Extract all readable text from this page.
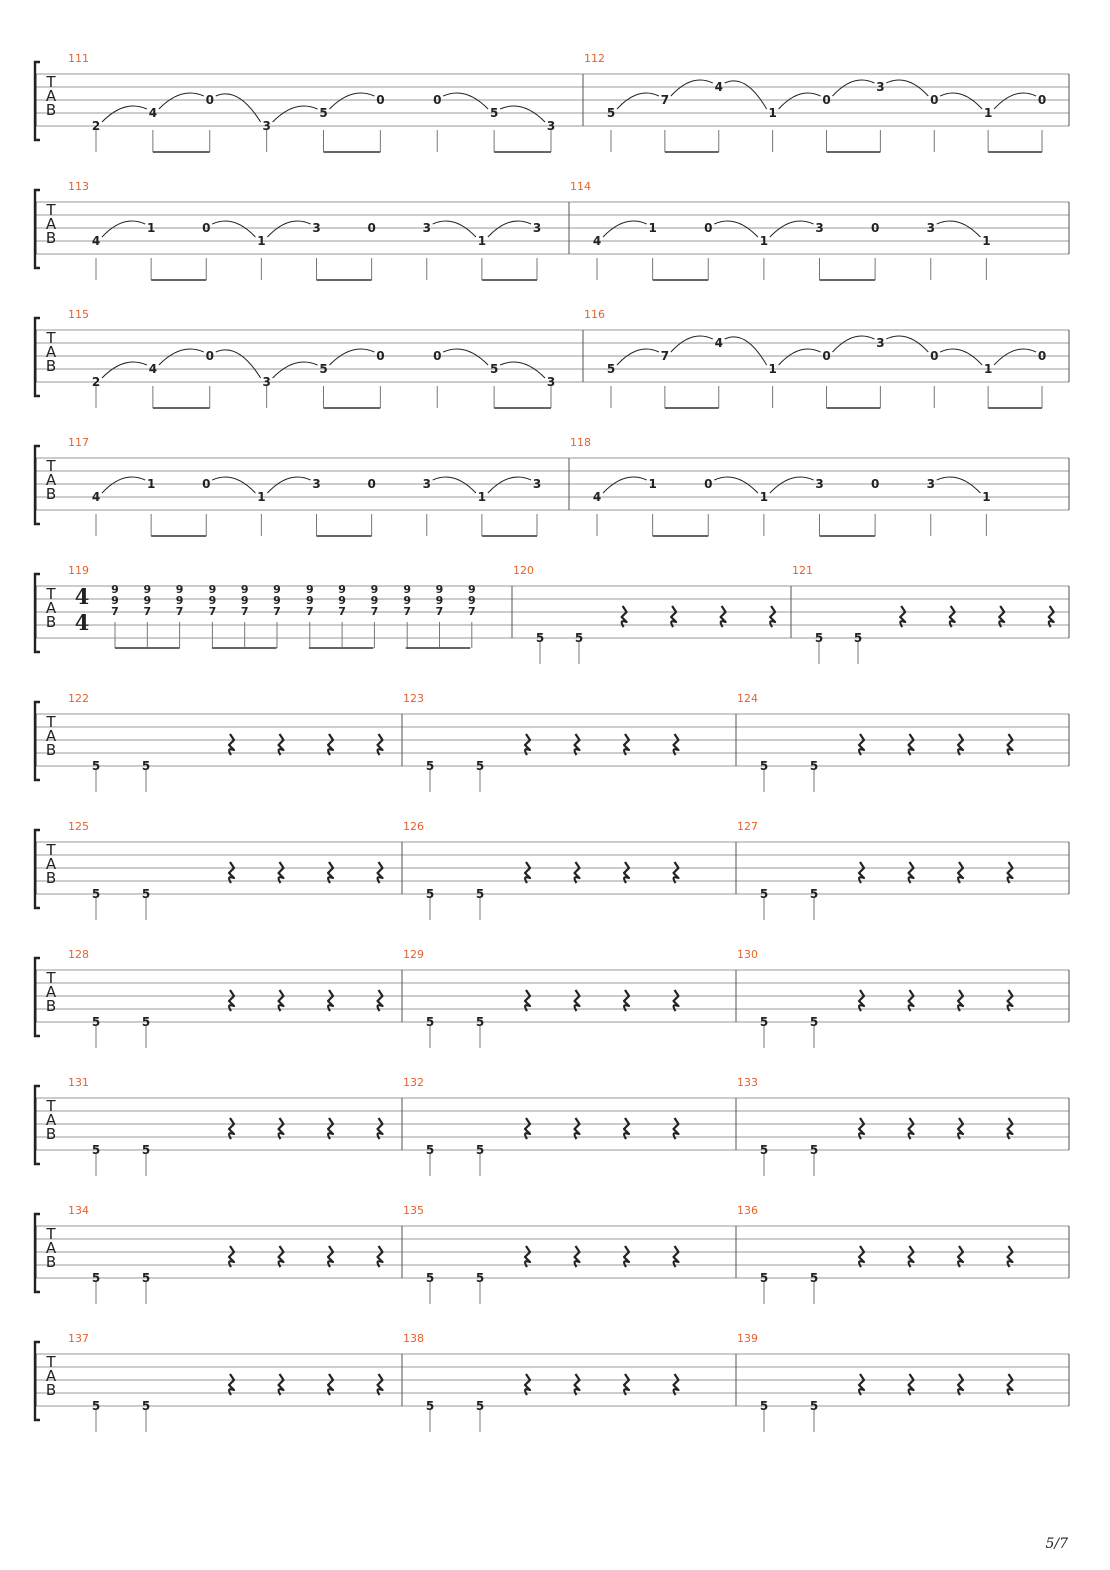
T
A
B
111
2
4
0
3
5
0	0
5
3
112
5
7
4
1
0
3
0
1
0
T
A
B
113
4
1	0
1
3	0	3
1
3
114
4
1	0
1
3	0	3
1
T
A
B
115
2
4
0
3
5
0	0
5
3
116
5
7
4
1
0
3
0
1
0
T
A
B
117
4
1	0
1
3	0	3
1
3
118
4
1	0
1
3	0	3
1
T
A
B
119
4
4
9
9
7
9
9
7
9
9
7
9
9
7
9
9
7
9
9
7
9
9
7
9
9
7
9
9
7
9
9
7
9
9
7
9
9
7
120
5	5
121
5	5
T
A
B
122
5	5
123
5	5
124
5	5
T
A
B
125
5	5
126
5	5
127
5	5
T
A
B
128
5	5
129
5	5
130
5	5
T
A
B
131
5	5
132
5	5
133
5	5
T
A
B
134
5	5
135
5	5
136
5	5
T
A
B
137
5	5
138
5	5
139
5	5
5/7
